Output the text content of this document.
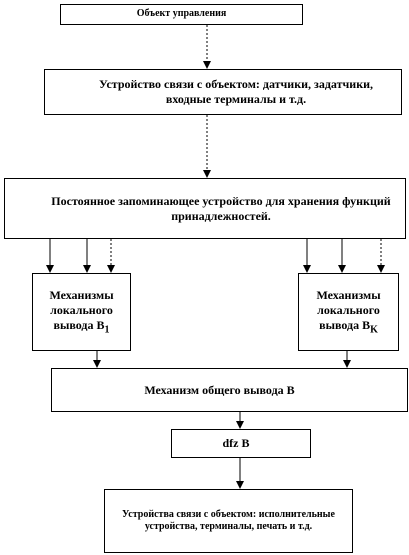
Объект управления
Устройство связи с объектом: датчики, задатчики, входные терминалы и т.д.
Постоянное запоминающее устройство для хранения функций принадлежностей.
Механизмы локального вывода $B_1$
Механизмы локального вывода $B_K$
Механизм общего вывода B
dfz B
Устройства связи с объектом: исполнительные устройства, терминалы, печать и т.д.
